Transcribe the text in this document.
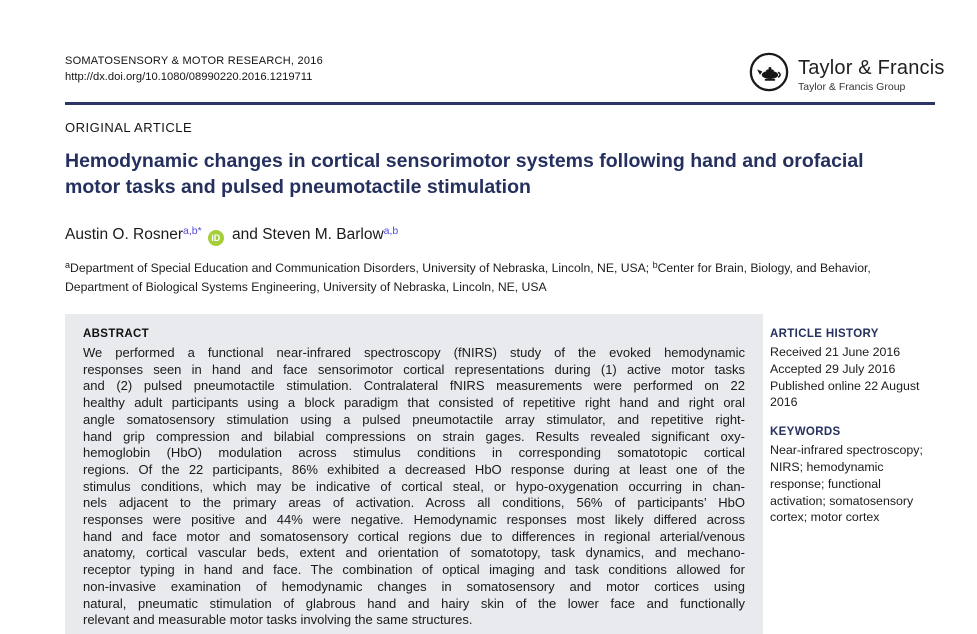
SOMATOSENSORY & MOTOR RESEARCH, 2016
http://dx.doi.org/10.1080/08990220.2016.1219711	Taylor & Francis
Taylor & Francis Group
ORIGINAL ARTICLE
Hemodynamic changes in cortical sensorimotor systems following hand and orofacial motor tasks and pulsed pneumotactile stimulation
Austin O. Rosner$^{a,b*}$iD and Steven M. Barlow$^{a,b}$
$^a$Department of Special Education and Communication Disorders, University of Nebraska, Lincoln, NE, USA; $^b$Center for Brain, Biology, and Behavior, Department of Biological Systems Engineering, University of Nebraska, Lincoln, NE, USA
ABSTRACT
We performed a functional near-infrared spectroscopy (fNIRS) study of the evoked hemodynamic
responses seen in hand and face sensorimotor cortical representations during (1) active motor tasks
and (2) pulsed pneumotactile stimulation. Contralateral fNIRS measurements were performed on 22
healthy adult participants using a block paradigm that consisted of repetitive right hand and right oral
angle somatosensory stimulation using a pulsed pneumotactile array stimulator, and repetitive right-
hand grip compression and bilabial compressions on strain gages. Results revealed significant oxy-
hemoglobin (HbO) modulation across stimulus conditions in corresponding somatotopic cortical
regions. Of the 22 participants, 86% exhibited a decreased HbO response during at least one of the
stimulus conditions, which may be indicative of cortical steal, or hypo-oxygenation occurring in chan-
nels adjacent to the primary areas of activation. Across all conditions, 56% of participants’ HbO
responses were positive and 44% were negative. Hemodynamic responses most likely differed across
hand and face motor and somatosensory cortical regions due to differences in regional arterial/venous
anatomy, cortical vascular beds, extent and orientation of somatotopy, task dynamics, and mechano-
receptor typing in hand and face. The combination of optical imaging and task conditions allowed for
non-invasive examination of hemodynamic changes in somatosensory and motor cortices using
natural, pneumatic stimulation of glabrous hand and hairy skin of the lower face and functionally
relevant and measurable motor tasks involving the same structures.
ARTICLE HISTORY
Received 21 June 2016
Accepted 29 July 2016
Published online 22 August 2016
KEYWORDS
Near-infrared spectroscopy; NIRS; hemodynamic response; functional activation; somatosensory cortex; motor cortex
